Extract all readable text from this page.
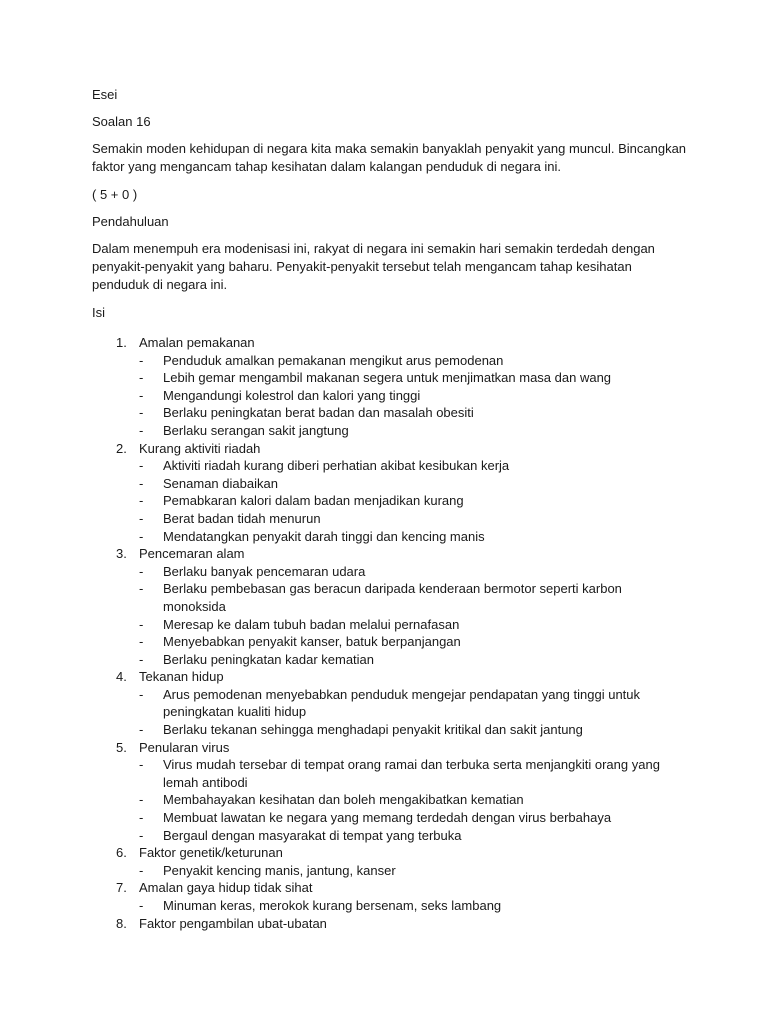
Esei

Soalan 16

Semakin moden kehidupan di negara kita maka semakin banyaklah penyakit yang muncul. Bincangkan faktor yang mengancam tahap kesihatan dalam kalangan penduduk di negara ini.

( 5 + 0 )

Pendahuluan

Dalam menempuh era modenisasi ini, rakyat di negara ini semakin hari semakin terdedah dengan penyakit-penyakit yang baharu. Penyakit-penyakit tersebut telah mengancam tahap kesihatan penduduk di negara ini.

Isi

1. Amalan pemakanan
- Penduduk amalkan pemakanan mengikut arus pemodenan
- Lebih gemar mengambil makanan segera untuk menjimatkan masa dan wang
- Mengandungi kolestrol dan kalori yang tinggi
- Berlaku peningkatan berat badan dan masalah obesiti
- Berlaku serangan sakit jangtung
2. Kurang aktiviti riadah
- Aktiviti riadah kurang diberi perhatian akibat kesibukan kerja
- Senaman diabaikan
- Pemabkaran kalori dalam badan menjadikan kurang
- Berat badan tidah menurun
- Mendatangkan penyakit darah tinggi dan kencing manis
3. Pencemaran alam
- Berlaku banyak pencemaran udara
- Berlaku pembebasan gas beracun daripada kenderaan bermotor seperti karbon monoksida
- Meresap ke dalam tubuh badan melalui pernafasan
- Menyebabkan penyakit kanser, batuk berpanjangan
- Berlaku peningkatan kadar kematian
4. Tekanan hidup
- Arus pemodenan menyebabkan penduduk mengejar pendapatan yang tinggi untuk peningkatan kualiti hidup
- Berlaku tekanan sehingga menghadapi penyakit kritikal dan sakit jantung
5. Penularan virus
- Virus mudah tersebar di tempat orang ramai dan terbuka serta menjangkiti orang yang lemah antibodi
- Membahayakan kesihatan dan boleh mengakibatkan kematian
- Membuat lawatan ke negara yang memang terdedah dengan virus berbahaya
- Bergaul dengan masyarakat di tempat yang terbuka
6. Faktor genetik/keturunan
- Penyakit kencing manis, jantung, kanser
7. Amalan gaya hidup tidak sihat
- Minuman keras, merokok kurang bersenam, seks lambang
8. Faktor pengambilan ubat-ubatan
